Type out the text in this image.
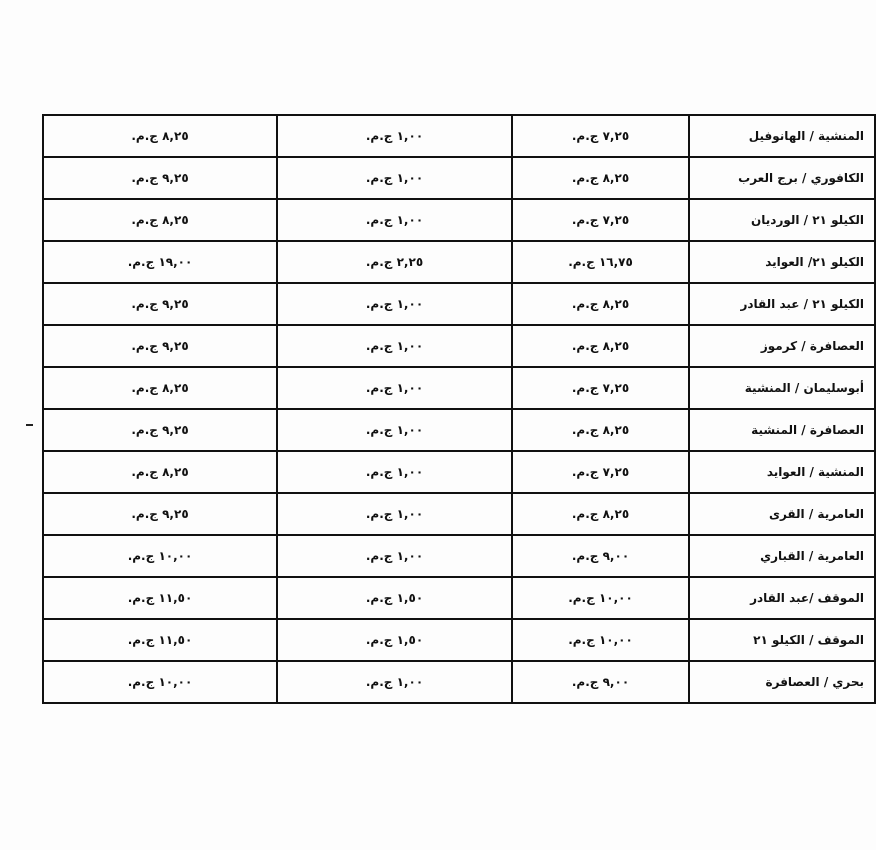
٨,٢٥ ج.م.	١,٠٠ ج.م.	٧,٢٥ ج.م.	المنشية / الهانوفيل
٩,٢٥ ج.م.	١,٠٠ ج.م.	٨,٢٥ ج.م.	الكافوري / برج العرب
٨,٢٥ ج.م.	١,٠٠ ج.م.	٧,٢٥ ج.م.	الكيلو ٢١ / الورديان
١٩,٠٠ ج.م.	٢,٢٥ ج.م.	١٦,٧٥ ج.م.	الكيلو ٢١/ العوايد
٩,٢٥ ج.م.	١,٠٠ ج.م.	٨,٢٥ ج.م.	الكيلو ٢١ / عبد القادر
٩,٢٥ ج.م.	١,٠٠ ج.م.	٨,٢٥ ج.م.	العصافرة / كرموز
٨,٢٥ ج.م.	١,٠٠ ج.م.	٧,٢٥ ج.م.	أبوسليمان / المنشية
٩,٢٥ ج.م.	١,٠٠ ج.م.	٨,٢٥ ج.م.	العصافرة / المنشية
٨,٢٥ ج.م.	١,٠٠ ج.م.	٧,٢٥ ج.م.	المنشية / العوايد
٩,٢٥ ج.م.	١,٠٠ ج.م.	٨,٢٥ ج.م.	العامرية / القرى
١٠,٠٠ ج.م.	١,٠٠ ج.م.	٩,٠٠ ج.م.	العامرية / القباري
١١,٥٠ ج.م.	١,٥٠ ج.م.	١٠,٠٠ ج.م.	الموقف /عبد القادر
١١,٥٠ ج.م.	١,٥٠ ج.م.	١٠,٠٠ ج.م.	الموقف / الكيلو ٢١
١٠,٠٠ ج.م.	١,٠٠ ج.م.	٩,٠٠ ج.م.	بحري / العصافرة
